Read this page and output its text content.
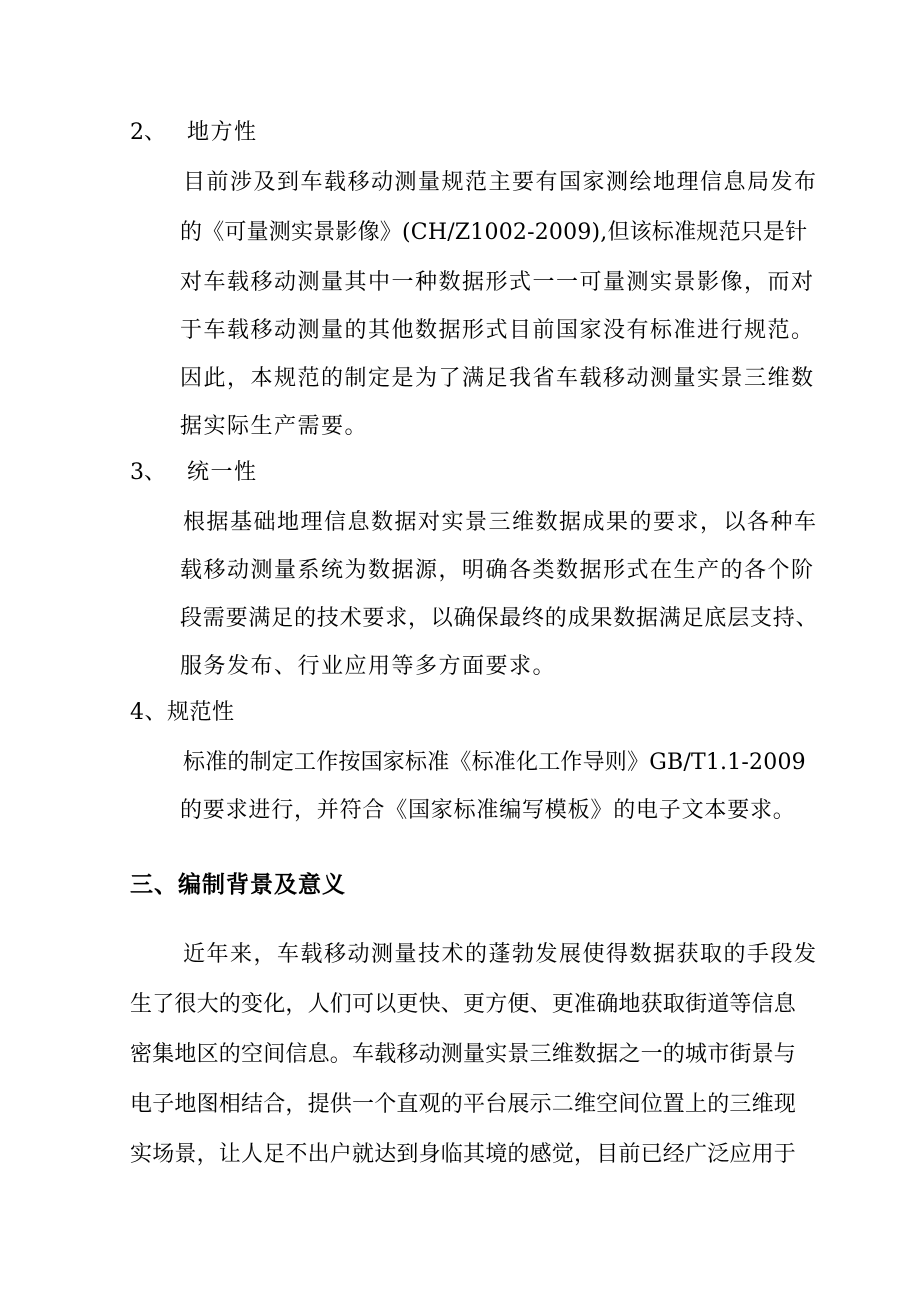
2、 地方性
目前涉及到车载移动测量规范主要有国家测绘地理信息局发布
的《可量测实景影像》(CH/Z1002-2009),但该标准规范只是针
对车载移动测量其中一种数据形式一一可量测实景影像，而对
于车载移动测量的其他数据形式目前国家没有标准进行规范。
因此，本规范的制定是为了满足我省车载移动测量实景三维数
据实际生产需要。
3、 统一性
根据基础地理信息数据对实景三维数据成果的要求，以各种车
载移动测量系统为数据源，明确各类数据形式在生产的各个阶
段需要满足的技术要求，以确保最终的成果数据满足底层支持、
服务发布、行业应用等多方面要求。
4、规范性
标准的制定工作按国家标准《标准化工作导则》GB/T1.1-2009
的要求进行，并符合《国家标准编写模板》的电子文本要求。
三、编制背景及意义
近年来，车载移动测量技术的蓬勃发展使得数据获取的手段发
生了很大的变化，人们可以更快、更方便、更准确地获取街道等信息
密集地区的空间信息。车载移动测量实景三维数据之一的城市街景与
电子地图相结合，提供一个直观的平台展示二维空间位置上的三维现
实场景，让人足不出户就达到身临其境的感觉，目前已经广泛应用于
